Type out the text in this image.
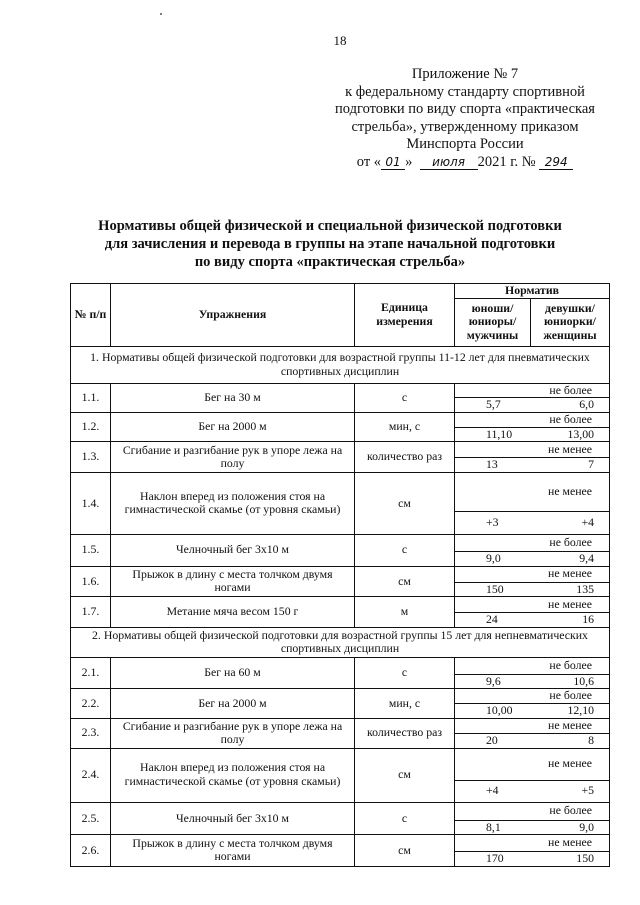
18
Приложение № 7
к федеральному стандарту спортивной
подготовки по виду спорта «практическая
стрельба», утвержденному приказом
Минспорта России
от « 01 » июля 2021 г. № 294
Нормативы общей физической и специальной физической подготовки
для зачисления и перевода в группы на этапе начальной подготовки
по виду спорта «практическая стрельба»
№ п/п	Упражнения	Единица измерения	Норматив	
			юноши/ юниоры/ мужчины	девушки/ юниорки/ женщины
1. Нормативы общей физической подготовки для возрастной группы 11-12 лет для пневматических спортивных дисциплин				
1.1.	Бег на 30 м	с	не более	

			5,7 6,0	

1.2.	Бег на 2000 м	мин, с	не более	

			11,10 13,00	

1.3.	Сгибание и разгибание рук в упоре лежа на полу	количество раз	не менее	

			13 7	

1.4.	Наклон вперед из положения стоя на гимнастической скамье (от уровня скамьи)	см	не менее	

			+3 +4	

1.5.	Челночный бег 3х10 м	с	не более	

			9,0 9,4	

1.6.	Прыжок в длину с места толчком двумя ногами	см	не менее	

			150 135	

1.7.	Метание мяча весом 150 г	м	не менее	

			24 16	

2. Нормативы общей физической подготовки для возрастной группы 15 лет для непневматических спортивных дисциплин				
2.1.	Бег на 60 м	с	не более	

			9,6 10,6	

2.2.	Бег на 2000 м	мин, с	не более	

			10,00 12,10	

2.3.	Сгибание и разгибание рук в упоре лежа на полу	количество раз	не менее	

			20 8	

2.4.	Наклон вперед из положения стоя на гимнастической скамье (от уровня скамьи)	см	не менее	

			+4 +5	

2.5.	Челночный бег 3х10 м	с	не более	

			8,1 9,0	

2.6.	Прыжок в длину с места толчком двумя ногами	см	не менее	

			170 150	
